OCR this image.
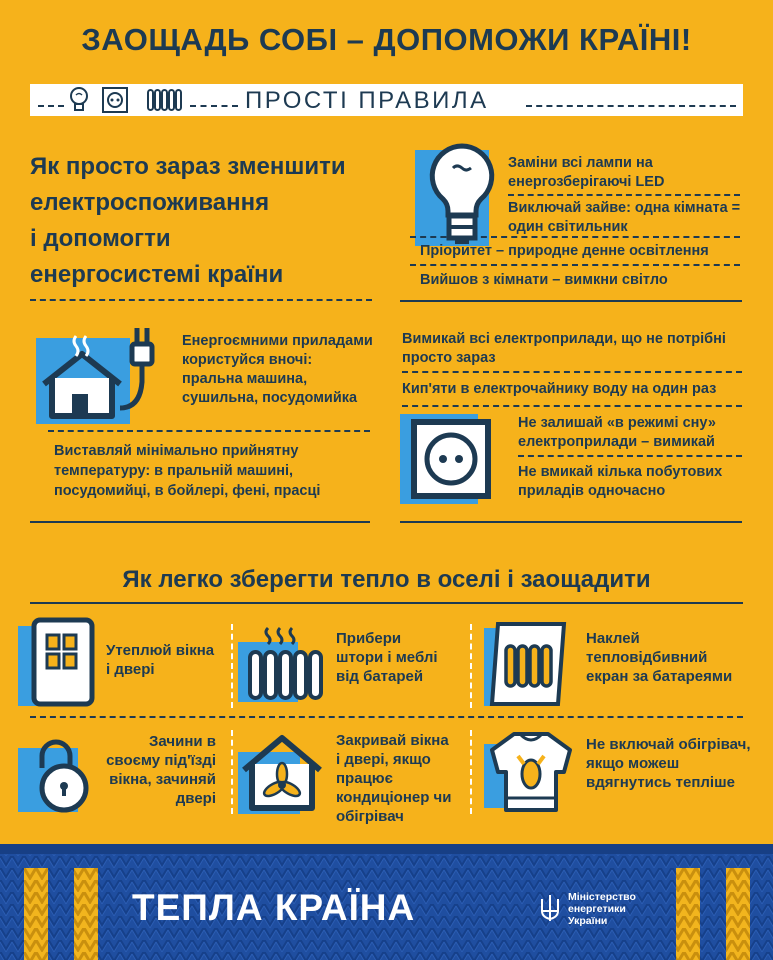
ЗАОЩАДЬ СОБІ – ДОПОМОЖИ КРАЇНІ!
ПРОСТІ ПРАВИЛА
Як просто зараз зменшити
електроспоживання
і допомогти
енергосистемі країни
Заміни всі лампи на енергозберігаючі LED
Виключай зайве: одна кімната = один світильник
Пріоритет – природне денне освітлення
Вийшов з кімнати – вимкни світло
Енергоємними приладами користуйся вночі: пральна машина, сушильна, посудомийка
Виставляй мінімально прийнятну температуру: в пральній машині, посудомийці, в бойлері, фені, прасці
Вимикай всі електроприлади, що не потрібні просто зараз
Кип'яти в електрочайнику воду на один раз
Не залишай «в режимі сну» електроприлади – вимикай
Не вмикай кілька побутових приладів одночасно
Як легко зберегти тепло в оселі і заощадити
Утеплюй вікна і двері
Прибери штори і меблі від батарей
Наклей тепловідбивний екран за батареями
Зачини в своєму під'їзді вікна, зачиняй двері
Закривай вікна і двері, якщо працює кондиціонер чи обігрівач
Не включай обігрівач, якщо можеш вдягнутись тепліше
ТЕПЛА КРАЇНА	Міністерство енергетики України
